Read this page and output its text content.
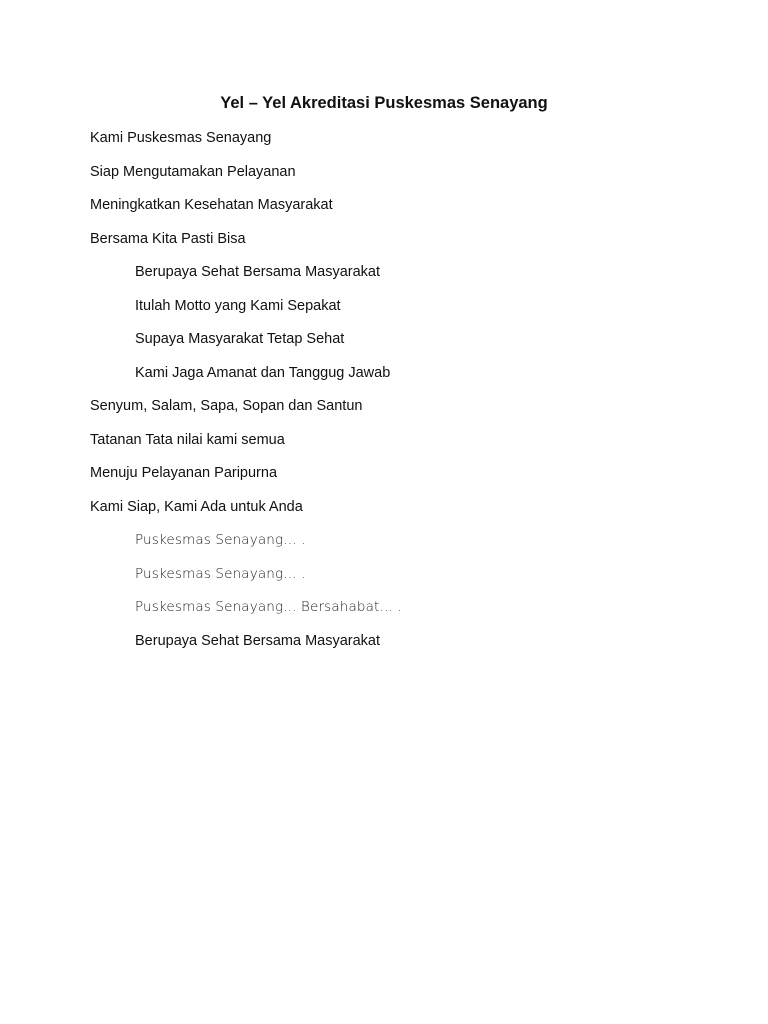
Yel – Yel Akreditasi Puskesmas Senayang
Kami Puskesmas Senayang
Siap Mengutamakan Pelayanan
Meningkatkan Kesehatan Masyarakat
Bersama Kita Pasti Bisa
Berupaya Sehat Bersama Masyarakat
Itulah Motto yang Kami Sepakat
Supaya Masyarakat Tetap Sehat
Kami Jaga Amanat dan Tanggug Jawab
Senyum, Salam, Sapa, Sopan dan Santun
Tatanan Tata nilai kami semua
Menuju Pelayanan Paripurna
Kami Siap, Kami Ada untuk Anda
Puskesmas Senayang… .
Puskesmas Senayang… .
Puskesmas Senayang... Bersahabat… .
Berupaya Sehat Bersama Masyarakat
